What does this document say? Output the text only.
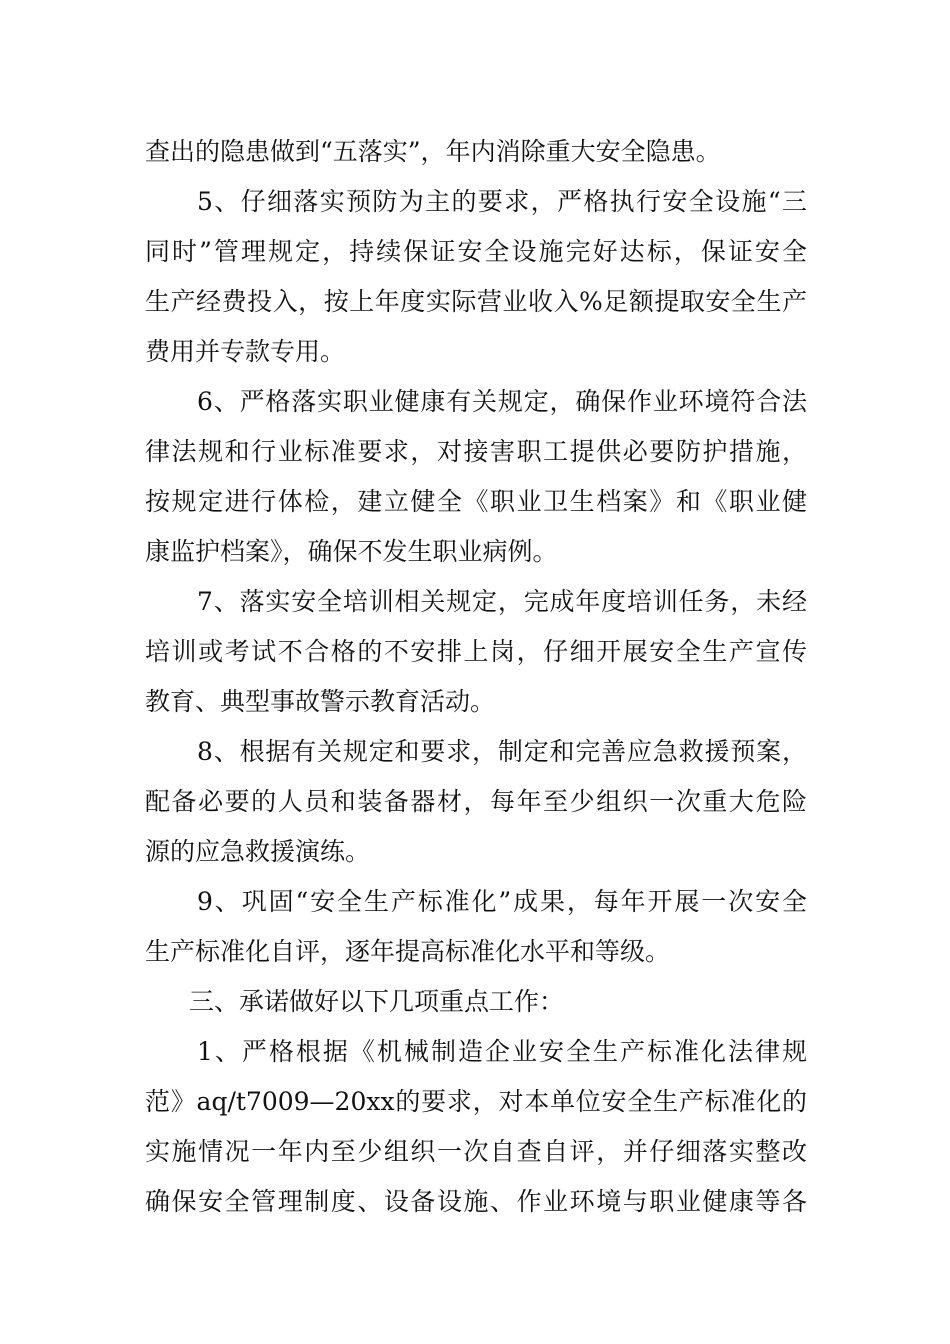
查出的隐患做到“五落实”，年内消除重大安全隐患。
5、仔细落实预防为主的要求，严格执行安全设施“三
同时”管理规定，持续保证安全设施完好达标，保证安全
生产经费投入，按上年度实际营业收入%足额提取安全生产
费用并专款专用。
6、严格落实职业健康有关规定，确保作业环境符合法
律法规和行业标准要求，对接害职工提供必要防护措施，
按规定进行体检，建立健全《职业卫生档案》和《职业健
康监护档案》，确保不发生职业病例。
7、落实安全培训相关规定，完成年度培训任务，未经
培训或考试不合格的不安排上岗，仔细开展安全生产宣传
教育、典型事故警示教育活动。
8、根据有关规定和要求，制定和完善应急救援预案，
配备必要的人员和装备器材，每年至少组织一次重大危险
源的应急救援演练。
9、巩固“安全生产标准化”成果，每年开展一次安全
生产标准化自评，逐年提高标准化水平和等级。
三、承诺做好以下几项重点工作：
1、严格根据《机械制造企业安全生产标准化法律规
范》aq/t7009—20xx的要求，对本单位安全生产标准化的
实施情况一年内至少组织一次自查自评，并仔细落实整改
确保安全管理制度、设备设施、作业环境与职业健康等各
